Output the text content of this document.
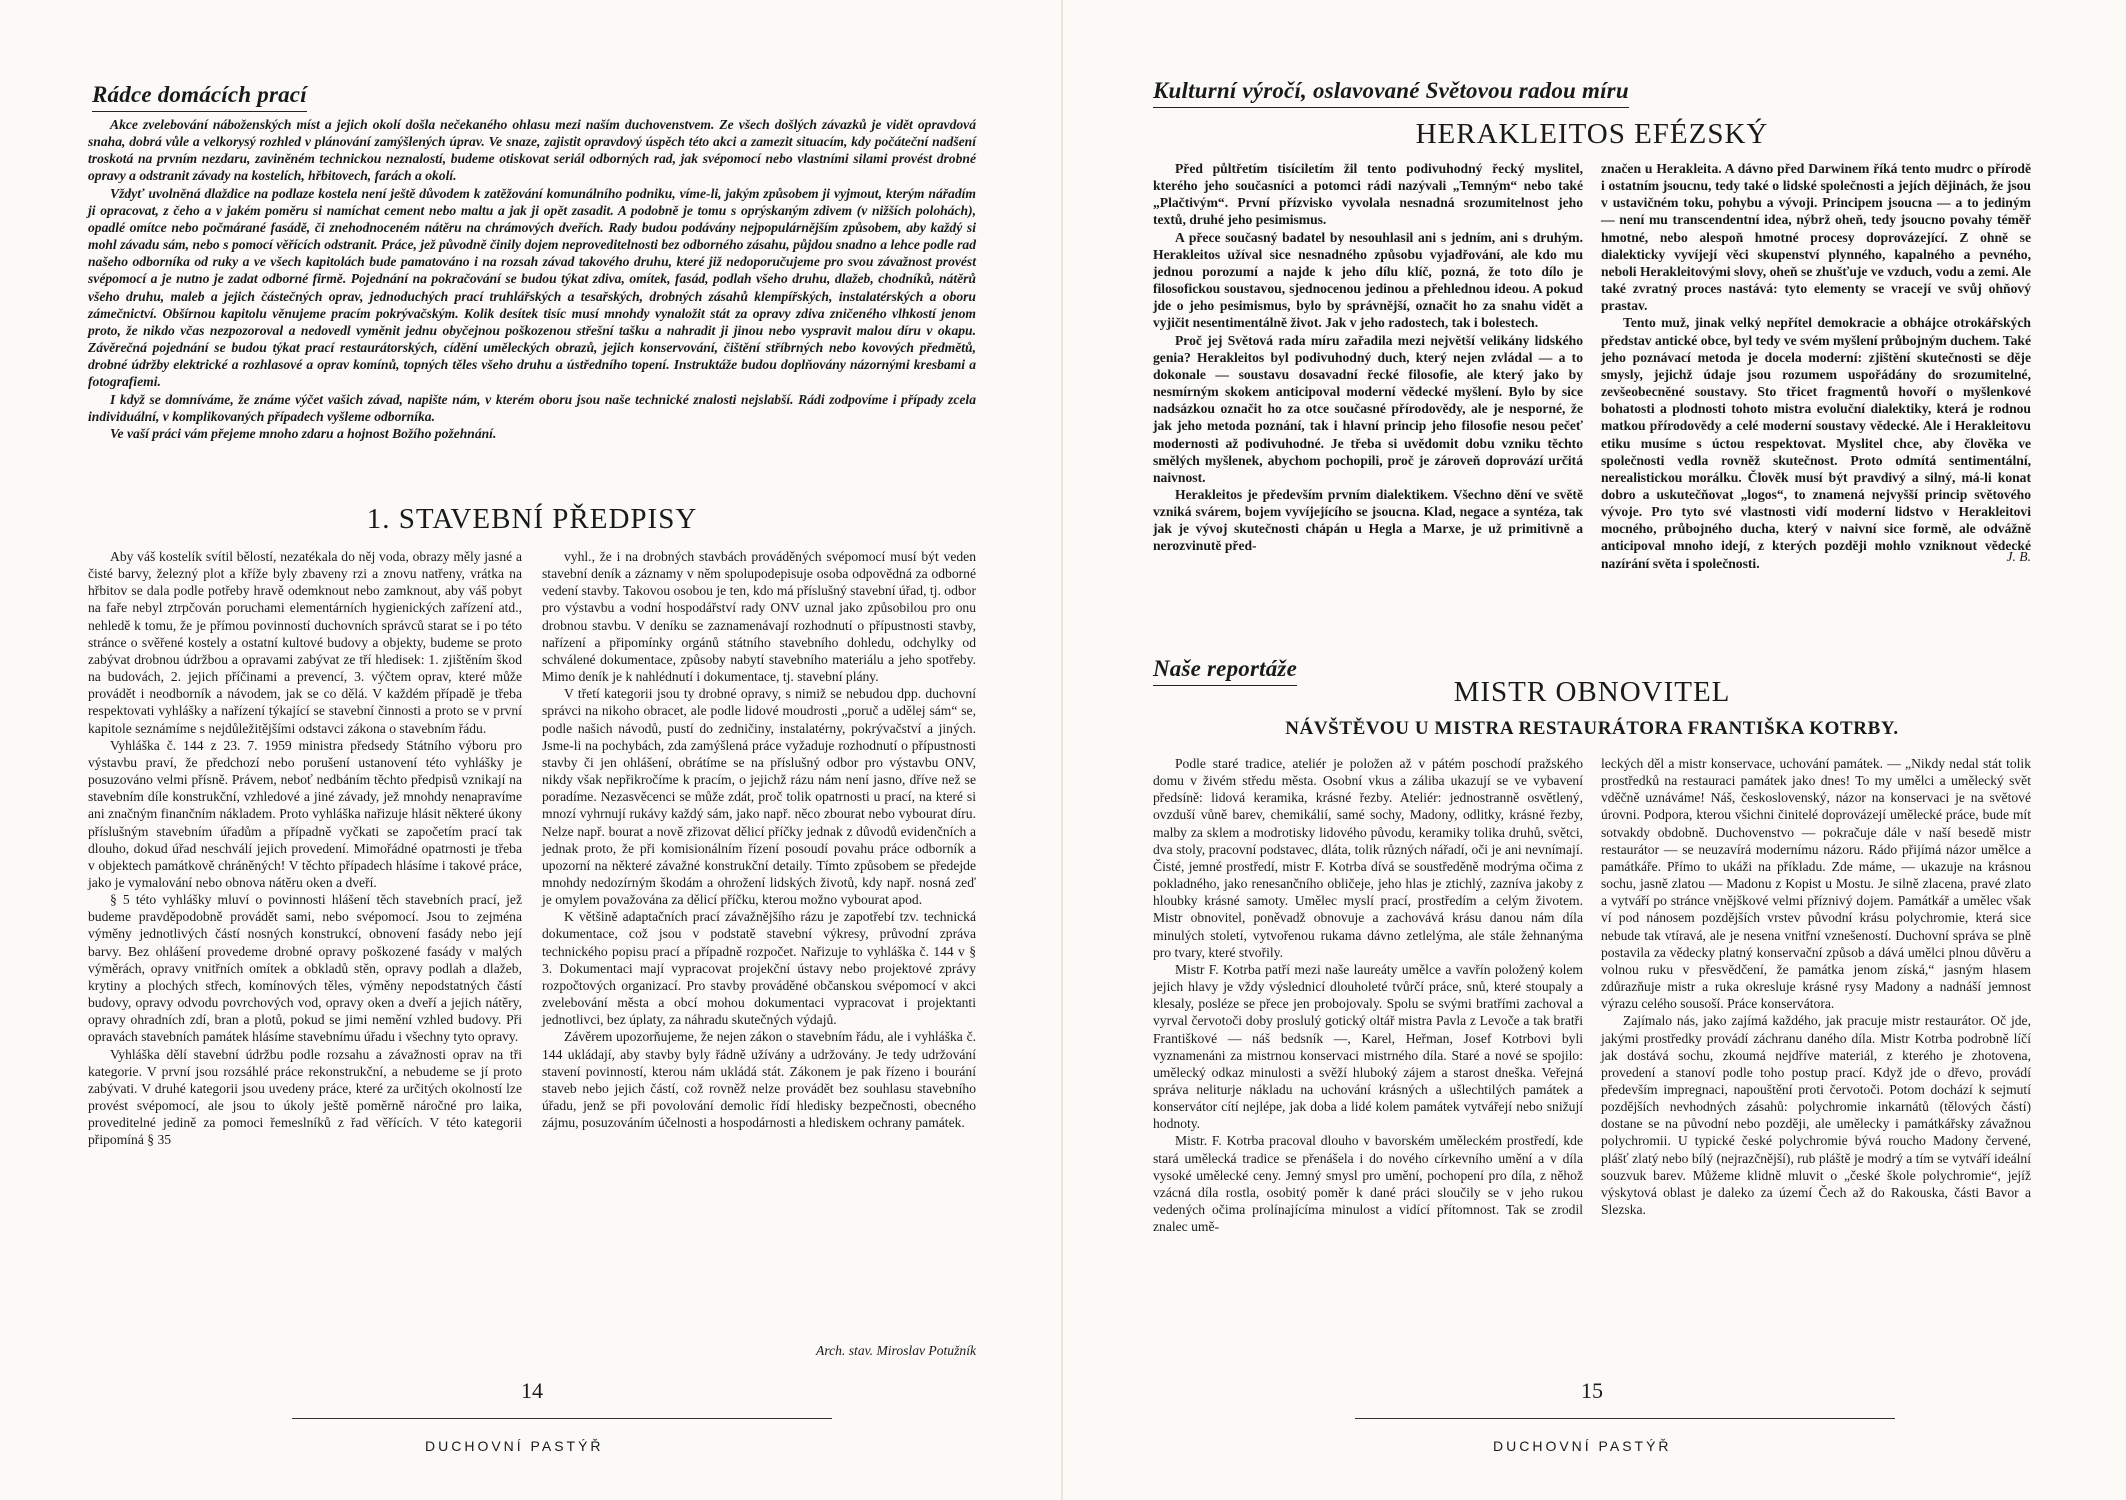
Rádce domácích prací

Akce zvelebování náboženských míst a jejich okolí došla nečekaného ohlasu mezi naším duchovenstvem. Ze všech došlých závazků je vidět opravdová snaha, dobrá vůle a velkorysý rozhled v plánování zamýšlených úprav. Ve snaze, zajistit opravdový úspěch této akci a zamezit situacím, kdy počáteční nadšení troskotá na prvním nezdaru, zaviněném technickou neznalostí, budeme otiskovat seriál odborných rad, jak svépomocí nebo vlastními silami provést drobné opravy a odstranit závady na kostelích, hřbitovech, farách a okolí.

Vždyť uvolněná dlaždice na podlaze kostela není ještě důvodem k zatěžování komunálního podniku, víme-li, jakým způsobem ji vyjmout, kterým nářadím ji opracovat, z čeho a v jakém poměru si namíchat cement nebo maltu a jak ji opět zasadit. A podobně je tomu s oprýskaným zdivem (v nižších polohách), opadlé omítce nebo počmárané fasádě, či znehodnoceném nátěru na chrámových dveřích. Rady budou podávány nejpopulárnějším způsobem, aby každý si mohl závadu sám, nebo s pomocí věřících odstranit. Práce, jež původně činily dojem neproveditelnosti bez odborného zásahu, půjdou snadno a lehce podle rad našeho odborníka od ruky a ve všech kapitolách bude pamatováno i na rozsah závad takového druhu, které již nedoporučujeme pro svou závažnost provést svépomocí a je nutno je zadat odborné firmě. Pojednání na pokračování se budou týkat zdiva, omítek, fasád, podlah všeho druhu, dlažeb, chodníků, nátěrů všeho druhu, maleb a jejich částečných oprav, jednoduchých prací truhlářských a tesařských, drobných zásahů klempířských, instalatérských a oboru zámečnictví. Obšírnou kapitolu věnujeme pracím pokrývačským. Kolik desítek tisíc musí mnohdy vynaložit stát za opravy zdiva zničeného vlhkostí jenom proto, že nikdo včas nezpozoroval a nedovedl vyměnit jednu obyčejnou poškozenou střešní tašku a nahradit ji jinou nebo vyspravit malou díru v okapu. Závěrečná pojednání se budou týkat prací restaurátorských, cídění uměleckých obrazů, jejich konservování, čištění stříbrných nebo kovových předmětů, drobné údržby elektrické a rozhlasové a oprav komínů, topných těles všeho druhu a ústředního topení. Instruktáže budou doplňovány názornými kresbami a fotografiemi.

I když se domníváme, že známe výčet vašich závad, napište nám, v kterém oboru jsou naše technické znalosti nejslabší. Rádi zodpovíme i případy zcela individuální, v komplikovaných případech vyšleme odborníka.

Ve vaší práci vám přejeme mnoho zdaru a hojnost Božího požehnání.

1. STAVEBNÍ PŘEDPISY

Aby váš kostelík svítil bělostí, nezatékala do něj voda, obrazy měly jasné a čisté barvy, železný plot a kříže byly zbaveny rzi a znovu natřeny, vrátka na hřbitov se dala podle potřeby hravě odemknout nebo zamknout, aby váš pobyt na faře nebyl ztrpčován poruchami elementárních hygienických zařízení atd., nehledě k tomu, že je přímou povinností duchovních správců starat se i po této stránce o svěřené kostely a ostatní kultové budovy a objekty, budeme se proto zabývat drobnou údržbou a opravami zabývat ze tří hledisek: 1. zjištěním škod na budovách, 2. jejich příčinami a prevencí, 3. výčtem oprav, které může provádět i neodborník a návodem, jak se co dělá. V každém případě je třeba respektovati vyhlášky a nařízení týkající se stavební činnosti a proto se v první kapitole seznámíme s nejdůležitějšími odstavci zákona o stavebním řádu.

Vyhláška č. 144 z 23. 7. 1959 ministra předsedy Státního výboru pro výstavbu praví, že předchozí nebo porušení ustanovení této vyhlášky je posuzováno velmi přísně. Právem, neboť nedbáním těchto předpisů vznikají na stavebním díle konstrukční, vzhledové a jiné závady, jež mnohdy nenapravíme ani značným finančním nákladem. Proto vyhláška nařizuje hlásit některé úkony příslušným stavebním úřadům a případně vyčkati se započetím prací tak dlouho, dokud úřad neschválí jejich provedení. Mimořádné opatrnosti je třeba v objektech památkově chráněných! V těchto případech hlásíme i takové práce, jako je vymalování nebo obnova nátěru oken a dveří.

§ 5 této vyhlášky mluví o povinnosti hlášení těch stavebních prací, jež budeme pravděpodobně provádět sami, nebo svépomocí. Jsou to zejména výměny jednotlivých částí nosných konstrukcí, obnovení fasády nebo její barvy. Bez ohlášení provedeme drobné opravy poškozené fasády v malých výměrách, opravy vnitřních omítek a obkladů stěn, opravy podlah a dlažeb, krytiny a plochých střech, komínových těles, výměny nepodstatných částí budovy, opravy odvodu povrchových vod, opravy oken a dveří a jejich nátěry, opravy ohradních zdí, bran a plotů, pokud se jimi nemění vzhled budovy. Při opravách stavebních památek hlásíme stavebnímu úřadu i všechny tyto opravy.

Vyhláška dělí stavební údržbu podle rozsahu a závažnosti oprav na tři kategorie. V první jsou rozsáhlé práce rekonstrukční, a nebudeme se jí proto zabývati. V druhé kategorii jsou uvedeny práce, které za určitých okolností lze provést svépomocí, ale jsou to úkoly ještě poměrně náročné pro laika, proveditelné jedině za pomoci řemeslníků z řad věřících. V této kategorii připomíná § 35

vyhl., že i na drobných stavbách prováděných svépomocí musí být veden stavební deník a záznamy v něm spolupodepisuje osoba odpovědná za odborné vedení stavby. Takovou osobou je ten, kdo má příslušný stavební úřad, tj. odbor pro výstavbu a vodní hospodářství rady ONV uznal jako způsobilou pro onu drobnou stavbu. V deníku se zaznamenávají rozhodnutí o přípustnosti stavby, nařízení a připomínky orgánů státního stavebního dohledu, odchylky od schválené dokumentace, způsoby nabytí stavebního materiálu a jeho spotřeby. Mimo deník je k nahlédnutí i dokumentace, tj. stavební plány.

V třetí kategorii jsou ty drobné opravy, s nimiž se nebudou dpp. duchovní správci na nikoho obracet, ale podle lidové moudrosti „poruč a udělej sám“ se, podle našich návodů, pustí do zedničiny, instalatérny, pokrývačství a jiných. Jsme-li na pochybách, zda zamýšlená práce vyžaduje rozhodnutí o přípustnosti stavby či jen ohlášení, obrátíme se na příslušný odbor pro výstavbu ONV, nikdy však nepřikročíme k pracím, o jejichž rázu nám není jasno, dříve než se poradíme. Nezasvěcenci se může zdát, proč tolik opatrnosti u prací, na které si mnozí vyhrnují rukávy každý sám, jako např. něco zbourat nebo vybourat díru. Nelze např. bourat a nově zřizovat dělicí příčky jednak z důvodů evidenčních a jednak proto, že při komisionálním řízení posoudí povahu práce odborník a upozorní na některé závažné konstrukční detaily. Tímto způsobem se předejde mnohdy nedozírným škodám a ohrožení lidských životů, kdy např. nosná zeď je omylem považována za dělicí příčku, kterou možno vybourat apod.

K většině adaptačních prací závažnějšího rázu je zapotřebí tzv. technická dokumentace, což jsou v podstatě stavební výkresy, průvodní zpráva technického popisu prací a případně rozpočet. Nařizuje to vyhláška č. 144 v § 3. Dokumentaci mají vypracovat projekční ústavy nebo projektové zprávy rozpočtových organizací. Pro stavby prováděné občanskou svépomocí v akci zvelebování města a obcí mohou dokumentaci vypracovat i projektanti jednotlivci, bez úplaty, za náhradu skutečných výdajů.

Závěrem upozorňujeme, že nejen zákon o stavebním řádu, ale i vyhláška č. 144 ukládají, aby stavby byly řádně užívány a udržovány. Je tedy udržování stavení povinností, kterou nám ukládá stát. Zákonem je pak řízeno i bourání staveb nebo jejich částí, což rovněž nelze provádět bez souhlasu stavebního úřadu, jenž se při povolování demolic řídí hledisky bezpečnosti, obecného zájmu, posuzováním účelnosti a hospodárnosti a hlediskem ochrany památek.

Arch. stav. Miroslav Potužník
14
DUCHOVNÍ PASTÝŘ
Kulturní výročí, oslavované Světovou radou míru
HERAKLEITOS EFÉZSKÝ

Před půltřetím tisíciletím žil tento podivuhodný řecký myslitel, kterého jeho současníci a potomci rádi nazývali „Temným“ nebo také „Plačtivým“. První přízvisko vyvolala nesnadná srozumitelnost jeho textů, druhé jeho pesimismus.

A přece současný badatel by nesouhlasil ani s jedním, ani s druhým. Herakleitos užíval sice nesnadného způsobu vyjadřování, ale kdo mu jednou porozumí a najde k jeho dílu klíč, pozná, že toto dílo je filosofickou soustavou, sjednocenou jedinou a přehlednou ideou. A pokud jde o jeho pesimismus, bylo by správnější, označit ho za snahu vidět a vyjičit nesentimentálně život. Jak v jeho radostech, tak i bolestech.

Proč jej Světová rada míru zařadila mezi největší velikány lidského genia? Herakleitos byl podivuhodný duch, který nejen zvládal — a to dokonale — soustavu dosavadní řecké filosofie, ale který jako by nesmírným skokem anticipoval moderní vědecké myšlení. Bylo by sice nadsázkou označit ho za otce současné přírodovědy, ale je nesporné, že jak jeho metoda poznání, tak i hlavní princip jeho filosofie nesou pečeť modernosti až podivuhodné. Je třeba si uvědomit dobu vzniku těchto smělých myšlenek, abychom pochopili, proč je zároveň doprovází určitá naivnost.

Herakleitos je především prvním dialektikem. Všechno dění ve světě vzniká svárem, bojem vyvíjejícího se jsoucna. Klad, negace a syntéza, tak jak je vývoj skutečnosti chápán u Hegla a Marxe, je už primitivně a nerozvinutě před-

značen u Herakleita. A dávno před Darwinem říká tento mudrc o přírodě i ostatním jsoucnu, tedy také o lidské společnosti a jejích dějinách, že jsou v ustavičném toku, pohybu a vývoji. Principem jsoucna — a to jediným — není mu transcendentní idea, nýbrž oheň, tedy jsoucno povahy téměř hmotné, nebo alespoň hmotné procesy doprovázející. Z ohně se dialekticky vyvíjejí věci skupenství plynného, kapalného a pevného, neboli Herakleitovými slovy, oheň se zhušťuje ve vzduch, vodu a zemi. Ale také zvratný proces nastává: tyto elementy se vracejí ve svůj ohňový prastav.

Tento muž, jinak velký nepřítel demokracie a obhájce otrokářských představ antické obce, byl tedy ve svém myšlení průbojným duchem. Také jeho poznávací metoda je docela moderní: zjištění skutečnosti se děje smysly, jejichž údaje jsou rozumem uspořádány do srozumitelné, zevšeobecněné soustavy. Sto třicet fragmentů hovoří o myšlenkové bohatosti a plodnosti tohoto mistra evoluční dialektiky, která je rodnou matkou přírodovědy a celé moderní soustavy vědecké. Ale i Herakleitovu etiku musíme s úctou respektovat. Myslitel chce, aby člověka ve společnosti vedla rovněž skutečnost. Proto odmítá sentimentální, nerealistickou morálku. Člověk musí být pravdivý a silný, má-li konat dobro a uskutečňovat „logos“, to znamená nejvyšší princip světového vývoje. Pro tyto své vlastnosti vidí moderní lidstvo v Herakleitovi mocného, průbojného ducha, který v naivní sice formě, ale odvážně anticipoval mnoho idejí, z kterých později mohlo vzniknout vědecké nazírání světa i společnosti.	J. B.
Naše reportáže
MISTR OBNOVITEL
NÁVŠTĚVOU U MISTRA RESTAURÁTORA FRANTIŠKA KOTRBY.

Podle staré tradice, ateliér je položen až v pátém poschodí pražského domu v živém středu města. Osobní vkus a záliba ukazují se ve vybavení předsíně: lidová keramika, krásné řezby. Ateliér: jednostranně osvětlený, ovzduší vůně barev, chemikálií, samé sochy, Madony, odlitky, krásné řezby, malby za sklem a modrotisky lidového původu, keramiky tolika druhů, světci, dva stoly, pracovní podstavec, dláta, tolik různých nářadí, oči je ani nevnímají. Čisté, jemné prostředí, mistr F. Kotrba dívá se soustředěně modrýma očima z pokladného, jako renesančního obličeje, jeho hlas je ztichlý, zazníva jakoby z hloubky krásné samoty. Umělec myslí prací, prostředím a celým životem. Mistr obnovitel, poněvadž obnovuje a zachovává krásu danou nám díla minulých století, vytvořenou rukama dávno zetlelýma, ale stále žehnanýma pro tvary, které stvořily.

Mistr F. Kotrba patří mezi naše laureáty umělce a vavřín položený kolem jejich hlavy je vždy výslednicí dlouholeté tvůrčí práce, snů, které stoupaly a klesaly, posléze se přece jen probojovaly. Spolu se svými bratřími zachoval a vyrval červotoči doby proslulý gotický oltář mistra Pavla z Levoče a tak bratři Františkové — náš bedsník —, Karel, Heřman, Josef Kotrbovi byli vyznamenáni za mistrnou konservaci mistrného díla. Staré a nové se spojilo: umělecký odkaz minulosti a svěží hluboký zájem a starost dneška. Veřejná správa neliturje nákladu na uchování krásných a ušlechtilých památek a konservátor cítí nejlépe, jak doba a lidé kolem památek vytvářejí nebo snižují hodnoty.

Mistr. F. Kotrba pracoval dlouho v bavorském uměleckém prostředí, kde stará umělecká tradice se přenášela i do nového církevního umění a v díla vysoké umělecké ceny. Jemný smysl pro umění, pochopení pro díla, z něhož vzácná díla rostla, osobitý poměr k dané práci sloučily se v jeho rukou vedených očima prolínajícíma minulost a vidící přítomnost. Tak se zrodil znalec umě-

leckých děl a mistr konservace, uchování památek. — „Nikdy nedal stát tolik prostředků na restauraci památek jako dnes! To my umělci a umělecký svět vděčně uznáváme! Náš, československý, názor na konservaci je na světové úrovni. Podpora, kterou všichni činitelé doprovázejí umělecké práce, bude mít sotvakdy obdobně. Duchovenstvo — pokračuje dále v naší besedě mistr restaurátor — se neuzavírá modernímu názoru. Rádo přijímá názor umělce a památkáře. Přímo to ukáži na příkladu. Zde máme, — ukazuje na krásnou sochu, jasně zlatou — Madonu z Kopist u Mostu. Je silně zlacena, pravé zlato a vytváří po stránce vnějškové velmi příznivý dojem. Památkář a umělec však ví pod nánosem pozdějších vrstev původní krásu polychromie, která sice nebude tak vtíravá, ale je nesena vnitřní vznešeností. Duchovní správa se plně postavila za vědecky platný konservační způsob a dává umělci plnou důvěru a volnou ruku v přesvědčení, že památka jenom získá,“ jasným hlasem zdůrazňuje mistr a ruka okresluje krásné rysy Madony a nadnáší jemnost výrazu celého sousoší. Práce konservátora.

Zajímalo nás, jako zajímá každého, jak pracuje mistr restaurátor. Oč jde, jakými prostředky provádí záchranu daného díla. Mistr Kotrba podrobně líčí jak dostává sochu, zkoumá nejdříve materiál, z kterého je zhotovena, provedení a stanoví podle toho postup prací. Když jde o dřevo, provádí především impregnaci, napouštění proti červotoči. Potom dochází k sejmutí pozdějších nevhodných zásahů: polychromie inkarnátů (tělových částí) dostane se na původní nebo později, ale umělecky i památkářsky závažnou polychromii. U typické české polychromie bývá roucho Madony červené, plášť zlatý nebo bílý (nejrazčnější), rub pláště je modrý a tím se vytváří ideální souzvuk barev. Můžeme klidně mluvit o „české škole polychromie“, jejíž výskytová oblast je daleko za území Čech až do Rakouska, části Bavor a Slezska.

15
DUCHOVNÍ PASTÝŘ
